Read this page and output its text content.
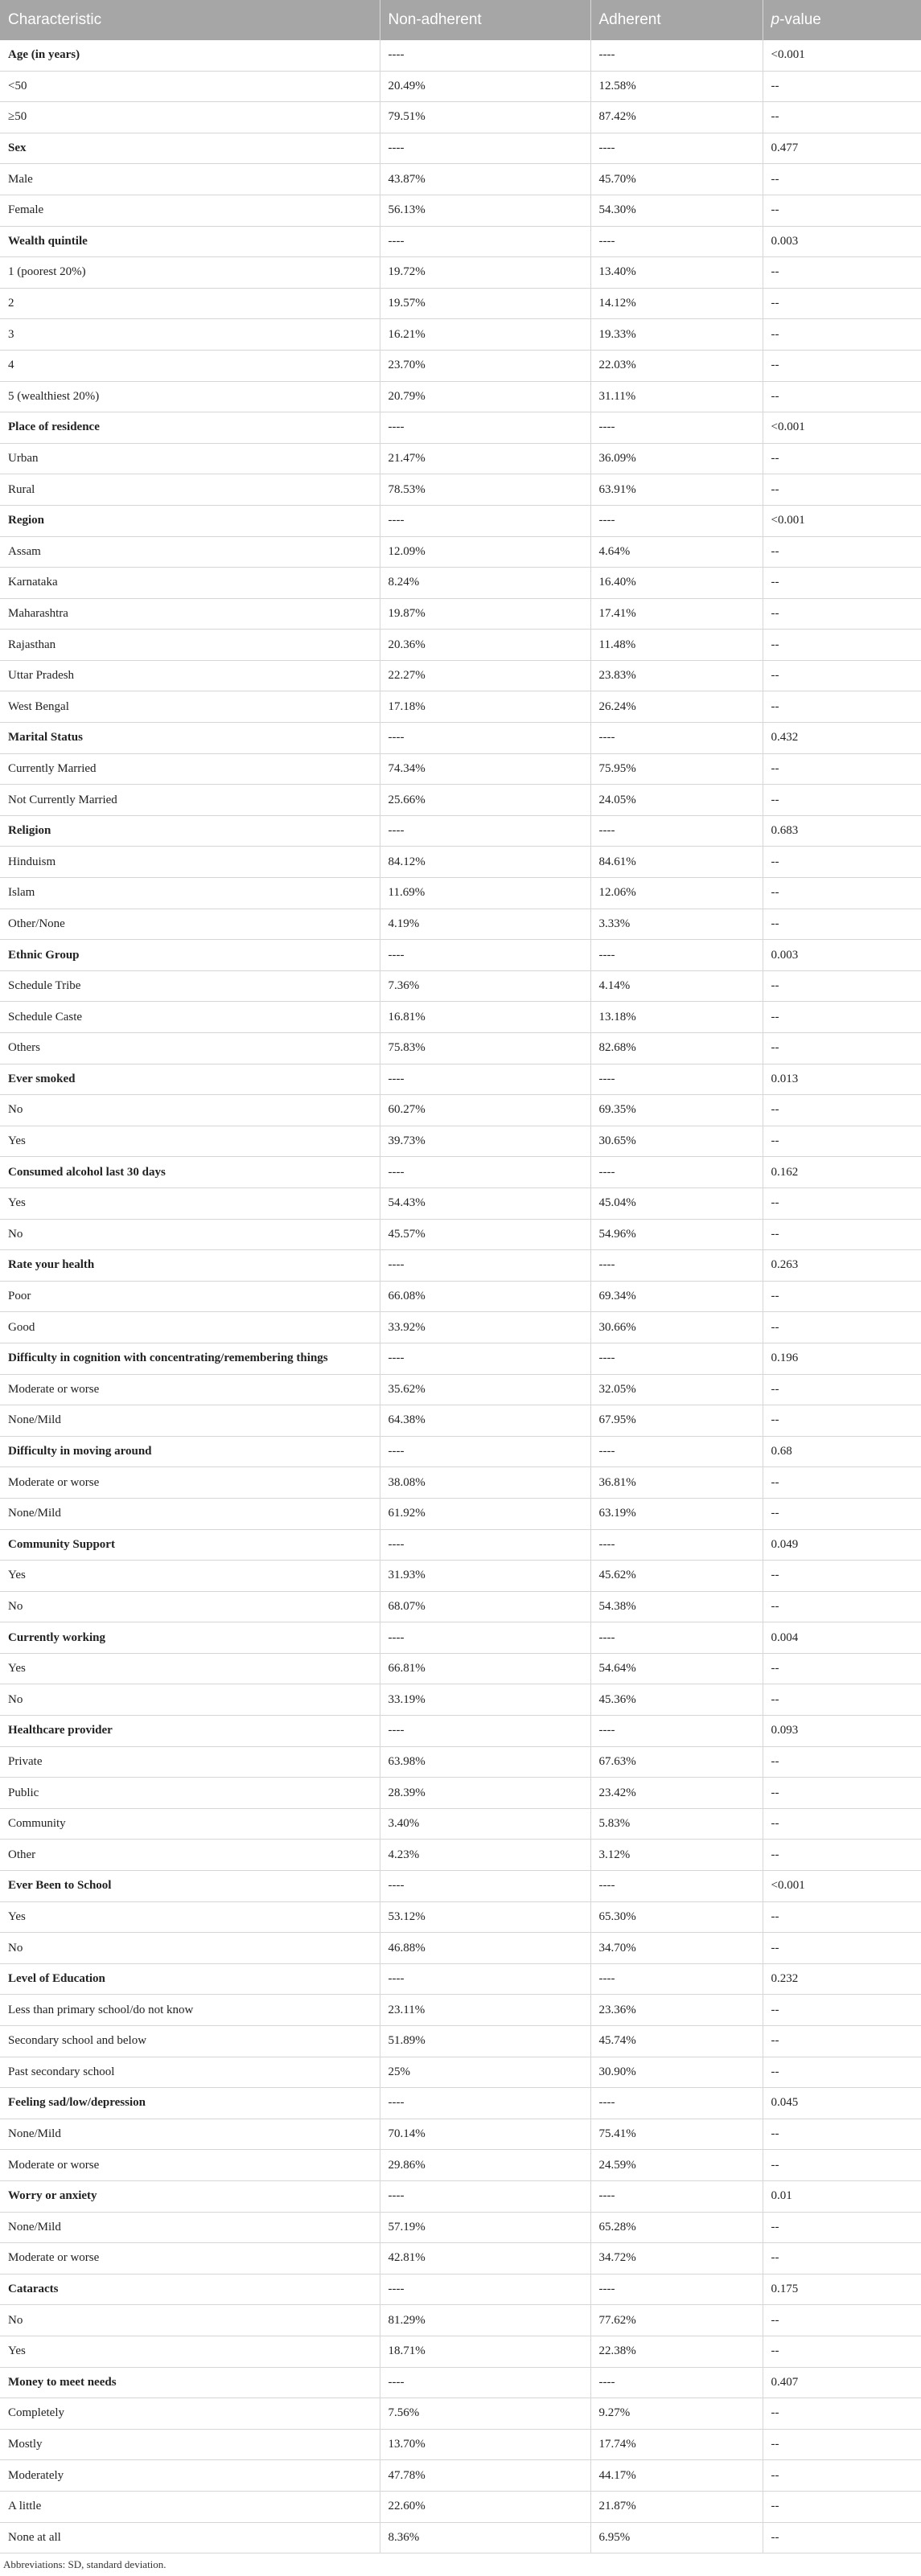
Characteristic	Non-adherent	Adherent	p-value
Age (in years)	----	----	<0.001
<50	20.49%	12.58%	--
≥50	79.51%	87.42%	--
Sex	----	----	0.477
Male	43.87%	45.70%	--
Female	56.13%	54.30%	--
Wealth quintile	----	----	0.003
1 (poorest 20%)	19.72%	13.40%	--
2	19.57%	14.12%	--
3	16.21%	19.33%	--
4	23.70%	22.03%	--
5 (wealthiest 20%)	20.79%	31.11%	--
Place of residence	----	----	<0.001
Urban	21.47%	36.09%	--
Rural	78.53%	63.91%	--
Region	----	----	<0.001
Assam	12.09%	4.64%	--
Karnataka	8.24%	16.40%	--
Maharashtra	19.87%	17.41%	--
Rajasthan	20.36%	11.48%	--
Uttar Pradesh	22.27%	23.83%	--
West Bengal	17.18%	26.24%	--
Marital Status	----	----	0.432
Currently Married	74.34%	75.95%	--
Not Currently Married	25.66%	24.05%	--
Religion	----	----	0.683
Hinduism	84.12%	84.61%	--
Islam	11.69%	12.06%	--
Other/None	4.19%	3.33%	--
Ethnic Group	----	----	0.003
Schedule Tribe	7.36%	4.14%	--
Schedule Caste	16.81%	13.18%	--
Others	75.83%	82.68%	--
Ever smoked	----	----	0.013
No	60.27%	69.35%	--
Yes	39.73%	30.65%	--
Consumed alcohol last 30 days	----	----	0.162
Yes	54.43%	45.04%	--
No	45.57%	54.96%	--
Rate your health	----	----	0.263
Poor	66.08%	69.34%	--
Good	33.92%	30.66%	--
Difficulty in cognition with concentrating/remembering things	----	----	0.196
Moderate or worse	35.62%	32.05%	--
None/Mild	64.38%	67.95%	--
Difficulty in moving around	----	----	0.68
Moderate or worse	38.08%	36.81%	--
None/Mild	61.92%	63.19%	--
Community Support	----	----	0.049
Yes	31.93%	45.62%	--
No	68.07%	54.38%	--
Currently working	----	----	0.004
Yes	66.81%	54.64%	--
No	33.19%	45.36%	--
Healthcare provider	----	----	0.093
Private	63.98%	67.63%	--
Public	28.39%	23.42%	--
Community	3.40%	5.83%	--
Other	4.23%	3.12%	--
Ever Been to School	----	----	<0.001
Yes	53.12%	65.30%	--
No	46.88%	34.70%	--
Level of Education	----	----	0.232
Less than primary school/do not know	23.11%	23.36%	--
Secondary school and below	51.89%	45.74%	--
Past secondary school	25%	30.90%	--
Feeling sad/low/depression	----	----	0.045
None/Mild	70.14%	75.41%	--
Moderate or worse	29.86%	24.59%	--
Worry or anxiety	----	----	0.01
None/Mild	57.19%	65.28%	--
Moderate or worse	42.81%	34.72%	--
Cataracts	----	----	0.175
No	81.29%	77.62%	--
Yes	18.71%	22.38%	--
Money to meet needs	----	----	0.407
Completely	7.56%	9.27%	--
Mostly	13.70%	17.74%	--
Moderately	47.78%	44.17%	--
A little	22.60%	21.87%	--
None at all	8.36%	6.95%	--
Abbreviations: SD, standard deviation.
